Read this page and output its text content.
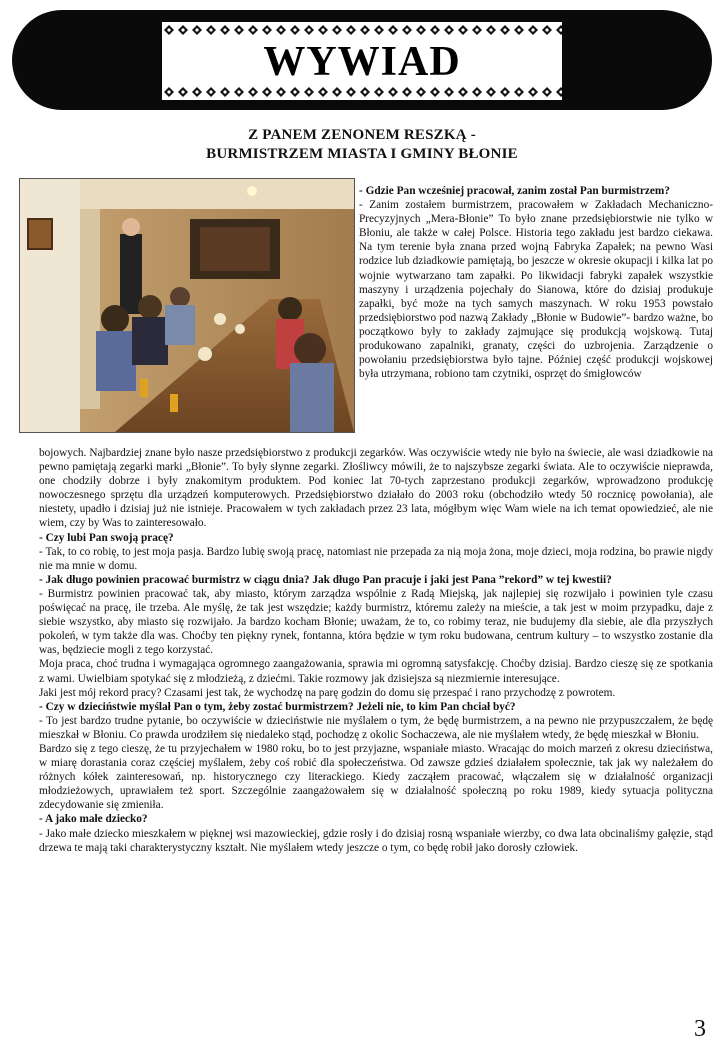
WYWIAD
Z PANEM ZENONEM RESZKĄ -
BURMISTRZEM MIASTA I GMINY BŁONIE

- Gdzie Pan wcześniej pracował, zanim został Pan burmistrzem?

- Zanim zostałem burmistrzem, pracowałem w Zakładach Mechaniczno-Precyzyjnych „Mera-Błonie” To było znane przedsiębiorstwie nie tylko w Błoniu, ale także w całej Polsce. Historia tego zakładu jest bardzo ciekawa. Na tym terenie była znana przed wojną Fabryka Zapałek; na pewno Wasi rodzice lub dziadkowie pamiętają, bo jeszcze w okresie okupacji i kilka lat po wojnie wytwarzano tam zapałki. Po likwidacji fabryki zapałek wszystkie maszyny i urządzenia pojechały do Sianowa, które do dzisiaj produkuje zapałki, być może na tych samych maszynach. W roku 1953 powstało przedsiębiorstwo pod nazwą Zakłady „Błonie w Budowie”- bardzo ważne, bo początkowo były to zakłady zajmujące się produkcją wojskową. Tutaj produkowano zapalniki, granaty, części do uzbrojenia. Zarządzenie o powołaniu przedsiębiorstwa było tajne. Później część produkcji wojskowej była utrzymana, robiono tam czytniki, osprzęt do śmigłowców

bojowych. Najbardziej znane było nasze przedsiębiorstwo z produkcji zegarków. Was oczywiście wtedy nie było na świecie, ale wasi dziadkowie na pewno pamiętają zegarki marki „Błonie”. To były słynne zegarki. Złośliwcy mówili, że to najszybsze zegarki świata. Ale to oczywiście nieprawda, one chodziły dobrze i były znakomitym produktem. Pod koniec lat 70-tych zaprzestano produkcji zegarków, wprowadzono produkcję nowoczesnego sprzętu dla urządzeń komputerowych. Przedsiębiorstwo działało do 2003 roku (obchodziło wtedy 50 rocznicę powołania), ale niestety, upadło i dzisiaj już nie istnieje. Pracowałem w tych zakładach przez 23 lata, mógłbym więc Wam wiele na ich temat opowiedzieć, ale nie wiem, czy by Was to zainteresowało.

- Czy lubi Pan swoją pracę?

- Tak, to co robię, to jest moja pasja. Bardzo lubię swoją pracę, natomiast nie przepada za nią moja żona, moje dzieci, moja rodzina, bo prawie nigdy nie ma mnie w domu.

- Jak długo powinien pracować burmistrz w ciągu dnia? Jak długo Pan pracuje i jaki jest Pana ”rekord” w tej kwestii?

- Burmistrz powinien pracować tak, aby miasto, którym zarządza wspólnie z Radą Miejską, jak najlepiej się rozwijało i powinien tyle czasu poświęcać na pracę, ile trzeba. Ale myślę, że tak jest wszędzie; każdy burmistrz, któremu zależy na mieście, a tak jest w moim przypadku, daje z siebie wszystko, aby miasto się rozwijało. Ja bardzo kocham Błonie; uważam, że to, co robimy teraz, nie budujemy dla siebie, ale dla przyszłych pokoleń, w tym także dla was. Choćby ten piękny rynek, fontanna, która będzie w tym roku budowana, centrum kultury – to wszystko zostanie dla was, będziecie mogli z tego korzystać.

Moja praca, choć trudna i wymagająca ogromnego zaangażowania, sprawia mi ogromną satysfakcję. Choćby dzisiaj. Bardzo cieszę się ze spotkania z wami. Uwielbiam spotykać się z młodzieżą, z dziećmi. Takie rozmowy jak dzisiejsza są niezmiernie interesujące.

Jaki jest mój rekord pracy? Czasami jest tak, że wychodzę na parę godzin do domu się przespać i rano przychodzę z powrotem.

- Czy w dzieciństwie myślał Pan o tym, żeby zostać burmistrzem? Jeżeli nie, to kim Pan chciał być?

- To jest bardzo trudne pytanie, bo oczywiście w dzieciństwie nie myślałem o tym, że będę burmistrzem, a na pewno nie przypuszczałem, że będę mieszkał w Błoniu. Co prawda urodziłem się niedaleko stąd, pochodzę z okolic Sochaczewa, ale nie myślałem wtedy, że będę mieszkał w Błoniu.

Bardzo się z tego cieszę, że tu przyjechałem w 1980 roku, bo to jest przyjazne, wspaniałe miasto. Wracając do moich marzeń z okresu dzieciństwa, w miarę dorastania coraz częściej myślałem, żeby coś robić dla społeczeństwa. Od zawsze gdzieś działałem społecznie, tak jak wy należałem do różnych kółek zainteresowań, np. historycznego czy literackiego. Kiedy zacząłem pracować, włączałem się w działalność organizacji młodzieżowych, uprawiałem też sport. Szczególnie zaangażowałem się w działalność społeczną po roku 1989, kiedy sytuacja polityczna zdecydowanie się zmieniła.

- A jako małe dziecko?

- Jako małe dziecko mieszkałem w pięknej wsi mazowieckiej, gdzie rosły i do dzisiaj rosną wspaniałe wierzby, co dwa lata obcinaliśmy gałęzie, stąd drzewa te mają taki charakterystyczny kształt. Nie myślałem wtedy jeszcze o tym, co będę robił jako dorosły człowiek.

3
